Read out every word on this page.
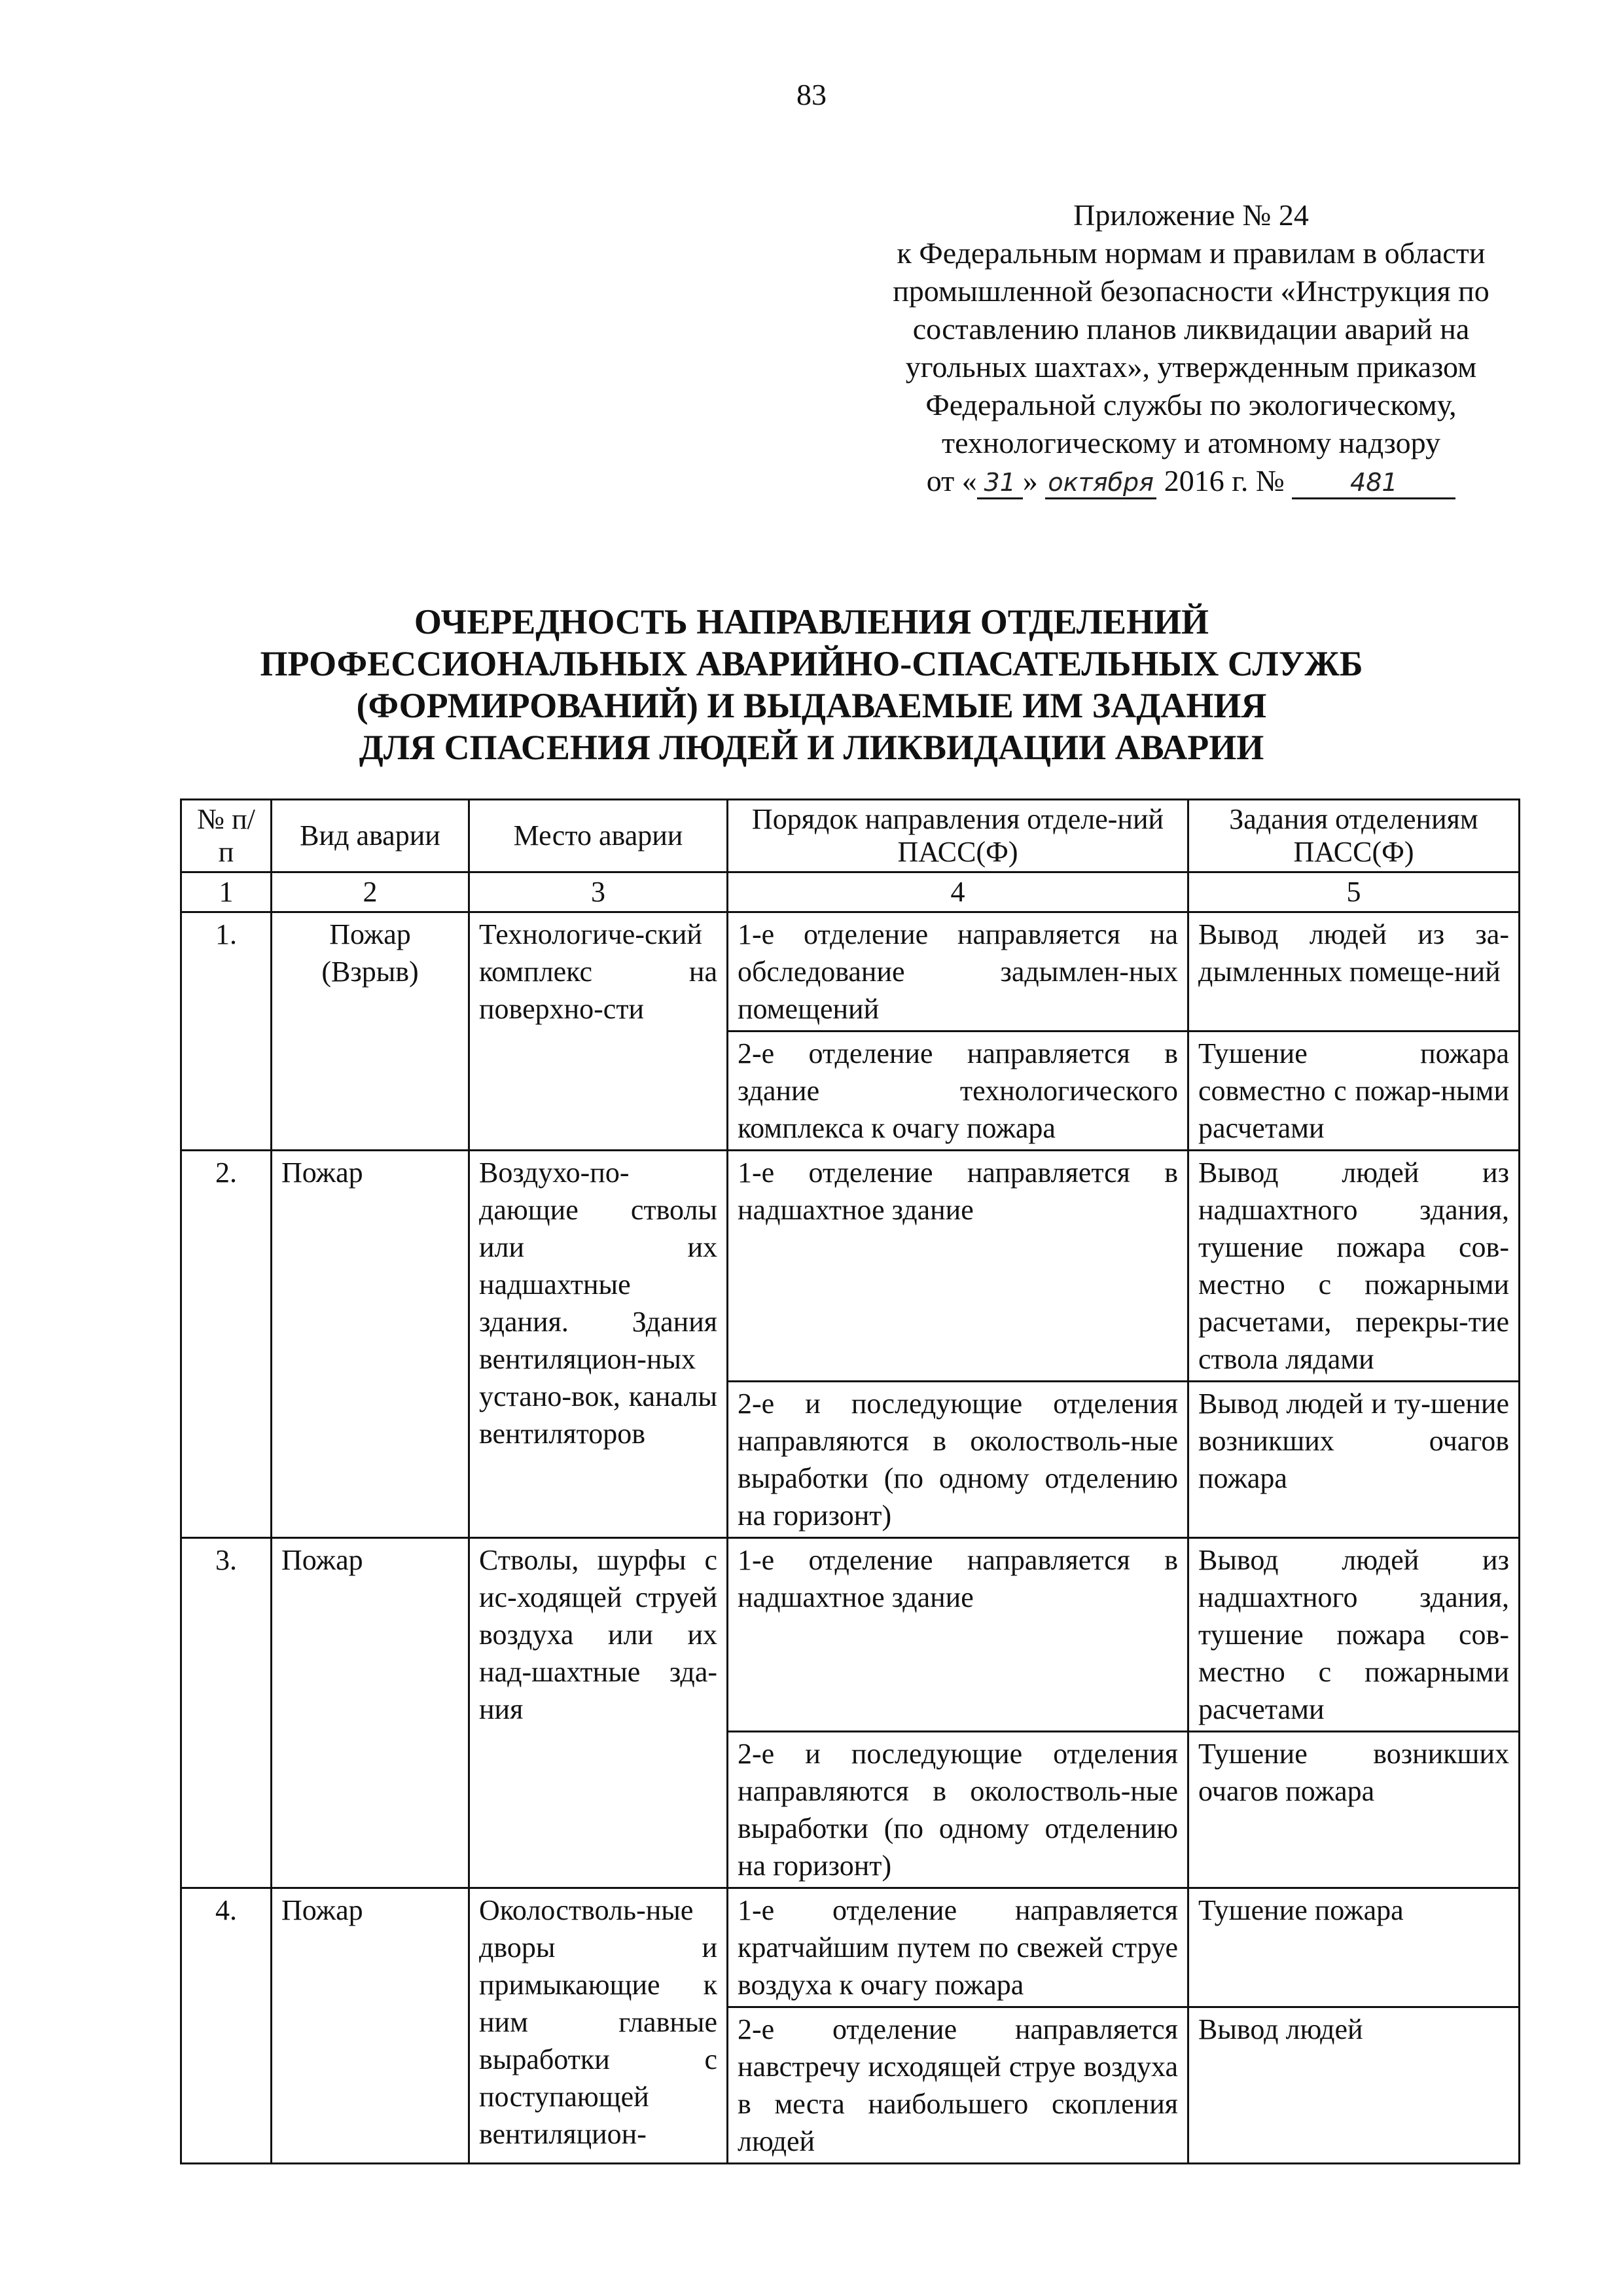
83
Приложение № 24
к Федеральным нормам и правилам в области
промышленной безопасности «Инструкция по
составлению планов ликвидации аварий на
угольных шахтах», утвержденным приказом
Федеральной службы по экологическому,
технологическому и атомному надзору
от « 31 » октября 2016 г. №	481
ОЧЕРЕДНОСТЬ НАПРАВЛЕНИЯ ОТДЕЛЕНИЙ
ПРОФЕССИОНАЛЬНЫХ АВАРИЙНО-СПАСАТЕЛЬНЫХ СЛУЖБ
(ФОРМИРОВАНИЙ) И ВЫДАВАЕМЫЕ ИМ ЗАДАНИЯ
ДЛЯ СПАСЕНИЯ ЛЮДЕЙ И ЛИКВИДАЦИИ АВАРИИ
№ п/п	Вид аварии	Место аварии	Порядок направления отделе-ний ПАСС(Ф)	Задания отделениям ПАСС(Ф)
1	2	3	4	5
1.	Пожар (Взрыв)	Технологиче-ский комплекс на поверхно-сти	1-е отделение направляется на обследование задымлен-ных помещений	Вывод людей из за-дымленных помеще-ний
			2-е отделение направляется в здание технологического комплекса к очагу пожара	Тушение пожара совместно с пожар-ными расчетами
2.	Пожар	Воздухо-по-дающие стволы или их надшахтные здания. Здания вентиляцион-ных устано-вок, каналы вентиляторов	1-е отделение направляется в надшахтное здание	Вывод людей из надшахтного здания, тушение пожара сов-местно с пожарными расчетами, перекры-тие ствола лядами
			2-е и последующие отделения направляются в околостволь-ные выработки (по одному отделению на горизонт)	Вывод людей и ту-шение возникших очагов пожара
3.	Пожар	Стволы, шурфы с ис-ходящей струей воздуха или их над-шахтные зда-ния	1-е отделение направляется в надшахтное здание	Вывод людей из надшахтного здания, тушение пожара сов-местно с пожарными расчетами
			2-е и последующие отделения направляются в околостволь-ные выработки (по одному отделению на горизонт)	Тушение возникших очагов пожара
4.	Пожар	Околостволь-ные дворы и примыкающие к ним главные выработки с поступающей вентиляцион-	1-е отделение направляется кратчайшим путем по свежей струе воздуха к очагу пожара	Тушение пожара
			2-е отделение направляется навстречу исходящей струе воздуха в места наибольшего скопления людей	Вывод людей
